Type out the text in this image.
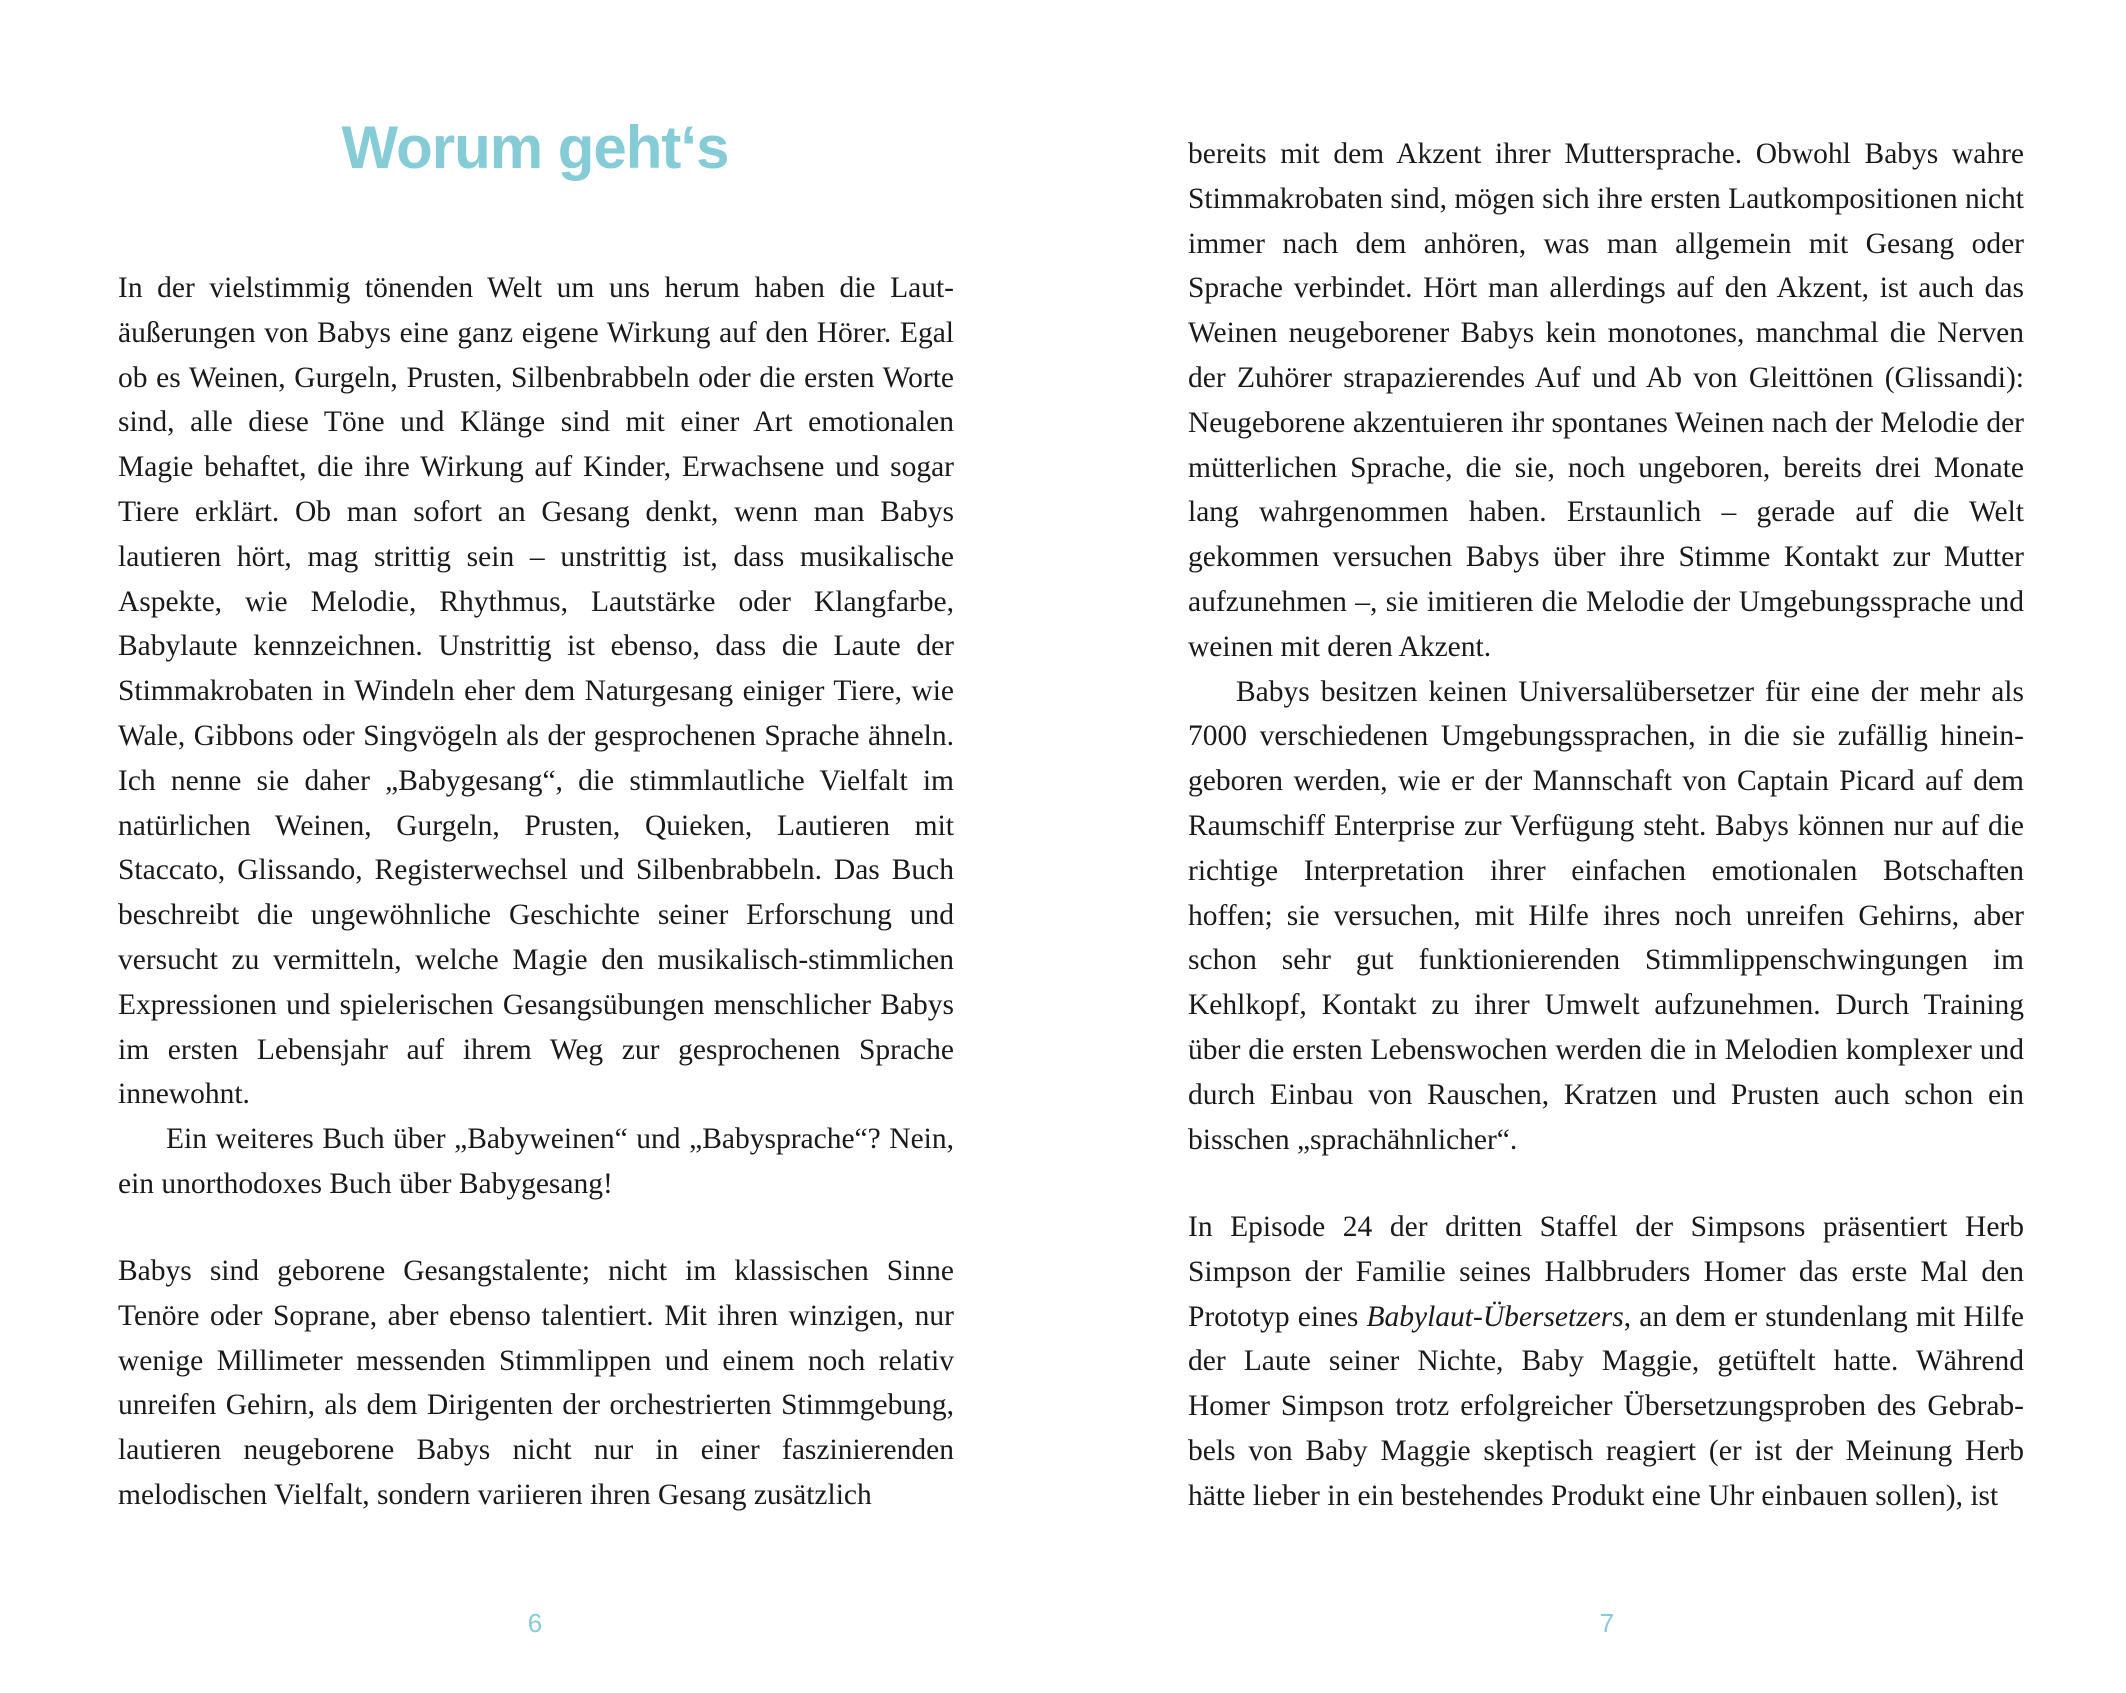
Worum geht‘s

In der vielstimmig tönenden Welt um uns herum haben die Lautäußerungen von Babys eine ganz eigene Wirkung auf den Hörer. Egal ob es Weinen, Gurgeln, Prusten, Silbenbrabbeln oder die ersten Worte sind, alle diese Töne und Klänge sind mit einer Art emotionalen Magie behaftet, die ihre Wirkung auf Kinder, Erwachsene und sogar Tiere erklärt. Ob man sofort an Gesang denkt, wenn man Babys lautieren hört, mag strittig sein – unstrittig ist, dass musikalische Aspekte, wie Melodie, Rhythmus, Lautstärke oder Klangfarbe, Babylaute kennzeichnen. Unstrittig ist ebenso, dass die Laute der Stimmakrobaten in Windeln eher dem Naturgesang einiger Tiere, wie Wale, Gibbons oder Singvögeln als der gesprochenen Sprache ähneln. Ich nenne sie daher „Babygesang“, die stimmlautliche Vielfalt im natürlichen Weinen, Gurgeln, Prusten, Quieken, Lautieren mit Staccato, Glissando, Registerwechsel und Silbenbrabbeln. Das Buch beschreibt die ungewöhnliche Geschichte seiner Erforschung und versucht zu vermitteln, welche Magie den musikalisch-stimmlichen Expressionen und spielerischen Gesangsübungen menschlicher Babys im ersten Lebensjahr auf ihrem Weg zur gesprochenen Sprache innewohnt.

Ein weiteres Buch über „Babyweinen“ und „Babysprache“? Nein, ein unorthodoxes Buch über Babygesang!

Babys sind geborene Gesangstalente; nicht im klassischen Sinne Tenöre oder Soprane, aber ebenso talentiert. Mit ihren winzigen, nur wenige Millimeter messenden Stimmlippen und einem noch relativ unreifen Gehirn, als dem Dirigenten der orchestrierten Stimmgebung, lautieren neugeborene Babys nicht nur in einer faszinierenden melodischen Vielfalt, sondern variieren ihren Gesang zusätzlich

6

bereits mit dem Akzent ihrer Muttersprache. Obwohl Babys wahre Stimmakrobaten sind, mögen sich ihre ersten Lautkompositionen nicht immer nach dem anhören, was man allgemein mit Gesang oder Sprache verbindet. Hört man allerdings auf den Akzent, ist auch das Weinen neugeborener Babys kein monotones, manchmal die Nerven der Zuhörer strapazierendes Auf und Ab von Gleittönen (Glissandi): Neugeborene akzentuieren ihr spontanes Weinen nach der Melodie der mütterlichen Sprache, die sie, noch ungeboren, bereits drei Monate lang wahrgenommen haben. Erstaunlich – gerade auf die Welt gekommen versuchen Babys über ihre Stimme Kontakt zur Mutter aufzunehmen –, sie imitieren die Melodie der Umgebungssprache und weinen mit deren Akzent.

Babys besitzen keinen Universalübersetzer für eine der mehr als 7000 verschiedenen Umgebungssprachen, in die sie zufällig hineingeboren werden, wie er der Mannschaft von Captain Picard auf dem Raumschiff Enterprise zur Verfügung steht. Babys können nur auf die richtige Interpretation ihrer einfachen emotionalen Botschaften hoffen; sie versuchen, mit Hilfe ihres noch unreifen Gehirns, aber schon sehr gut funktionierenden Stimmlippenschwingungen im Kehlkopf, Kontakt zu ihrer Umwelt aufzunehmen. Durch Training über die ersten Lebenswochen werden die in Melodien komplexer und durch Einbau von Rauschen, Kratzen und Prusten auch schon ein bisschen „sprachähnlicher“.

In Episode 24 der dritten Staffel der Simpsons präsentiert Herb Simpson der Familie seines Halbbruders Homer das erste Mal den Prototyp eines Babylaut-Übersetzers, an dem er stundenlang mit Hilfe der Laute seiner Nichte, Baby Maggie, getüftelt hatte. Während Homer Simpson trotz erfolgreicher Übersetzungsproben des Gebrabbels von Baby Maggie skeptisch reagiert (er ist der Meinung Herb hätte lieber in ein bestehendes Produkt eine Uhr einbauen sollen), ist

7
